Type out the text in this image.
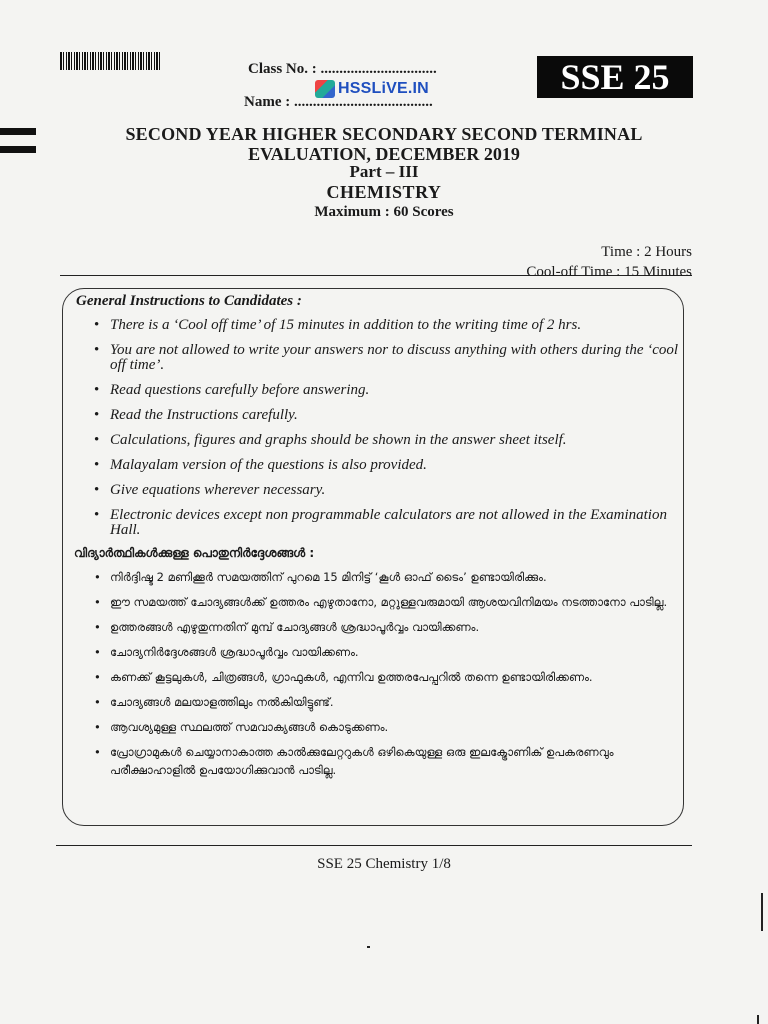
Class No. : ...............................
HSSLiVE.IN
Name : .....................................
SSE 25
SECOND YEAR HIGHER SECONDARY SECOND TERMINAL
EVALUATION, DECEMBER 2019
Part – III
CHEMISTRY
Maximum : 60 Scores
Time : 2 Hours
Cool-off Time : 15 Minutes
General Instructions to Candidates :
• There is a ‘Cool off time’ of 15 minutes in addition to the writing time of 2 hrs.
• You are not allowed to write your answers nor to discuss anything with others during the ‘cool off time’.
• Read questions carefully before answering.
• Read the Instructions carefully.
• Calculations, figures and graphs should be shown in the answer sheet itself.
• Malayalam version of the questions is also provided.
• Give equations wherever necessary.
• Electronic devices except non programmable calculators are not allowed in the Examination Hall.
വിദ്യാർത്ഥികൾക്കുള്ള പൊതുനിർദ്ദേശങ്ങൾ :
• നിർദ്ദിഷ്ട 2 മണിക്കൂർ സമയത്തിന് പുറമെ 15 മിനിട്ട് ‘കൂൾ ഓഫ് ടൈം’ ഉണ്ടായിരിക്കും.
• ഈ സമയത്ത് ചോദ്യങ്ങൾക്ക് ഉത്തരം എഴുതാനോ, മറ്റുള്ളവരുമായി ആശയവിനിമയം നടത്താനോ പാടില്ല.
• ഉത്തരങ്ങൾ എഴുതുന്നതിന് മുമ്പ് ചോദ്യങ്ങൾ ശ്രദ്ധാപൂർവ്വം വായിക്കണം.
• ചോദ്യനിർദ്ദേശങ്ങൾ ശ്രദ്ധാപൂർവ്വം വായിക്കണം.
• കണക്ക് കൂട്ടലുകൾ, ചിത്രങ്ങൾ, ഗ്രാഫുകൾ, എന്നിവ ഉത്തരപേപ്പറിൽ തന്നെ ഉണ്ടായിരിക്കണം.
• ചോദ്യങ്ങൾ മലയാളത്തിലും നൽകിയിട്ടുണ്ട്.
• ആവശ്യമുള്ള സ്ഥലത്ത് സമവാക്യങ്ങൾ കൊടുക്കണം.
• പ്രോഗ്രാമുകൾ ചെയ്യാനാകാത്ത കാൽക്കുലേറ്ററുകൾ ഒഴികെയുള്ള ഒരു ഇലക്ട്രോണിക് ഉപകരണവും പരീക്ഷാഹാളിൽ ഉപയോഗിക്കുവാൻ പാടില്ല.
SSE 25 Chemistry 1/8
